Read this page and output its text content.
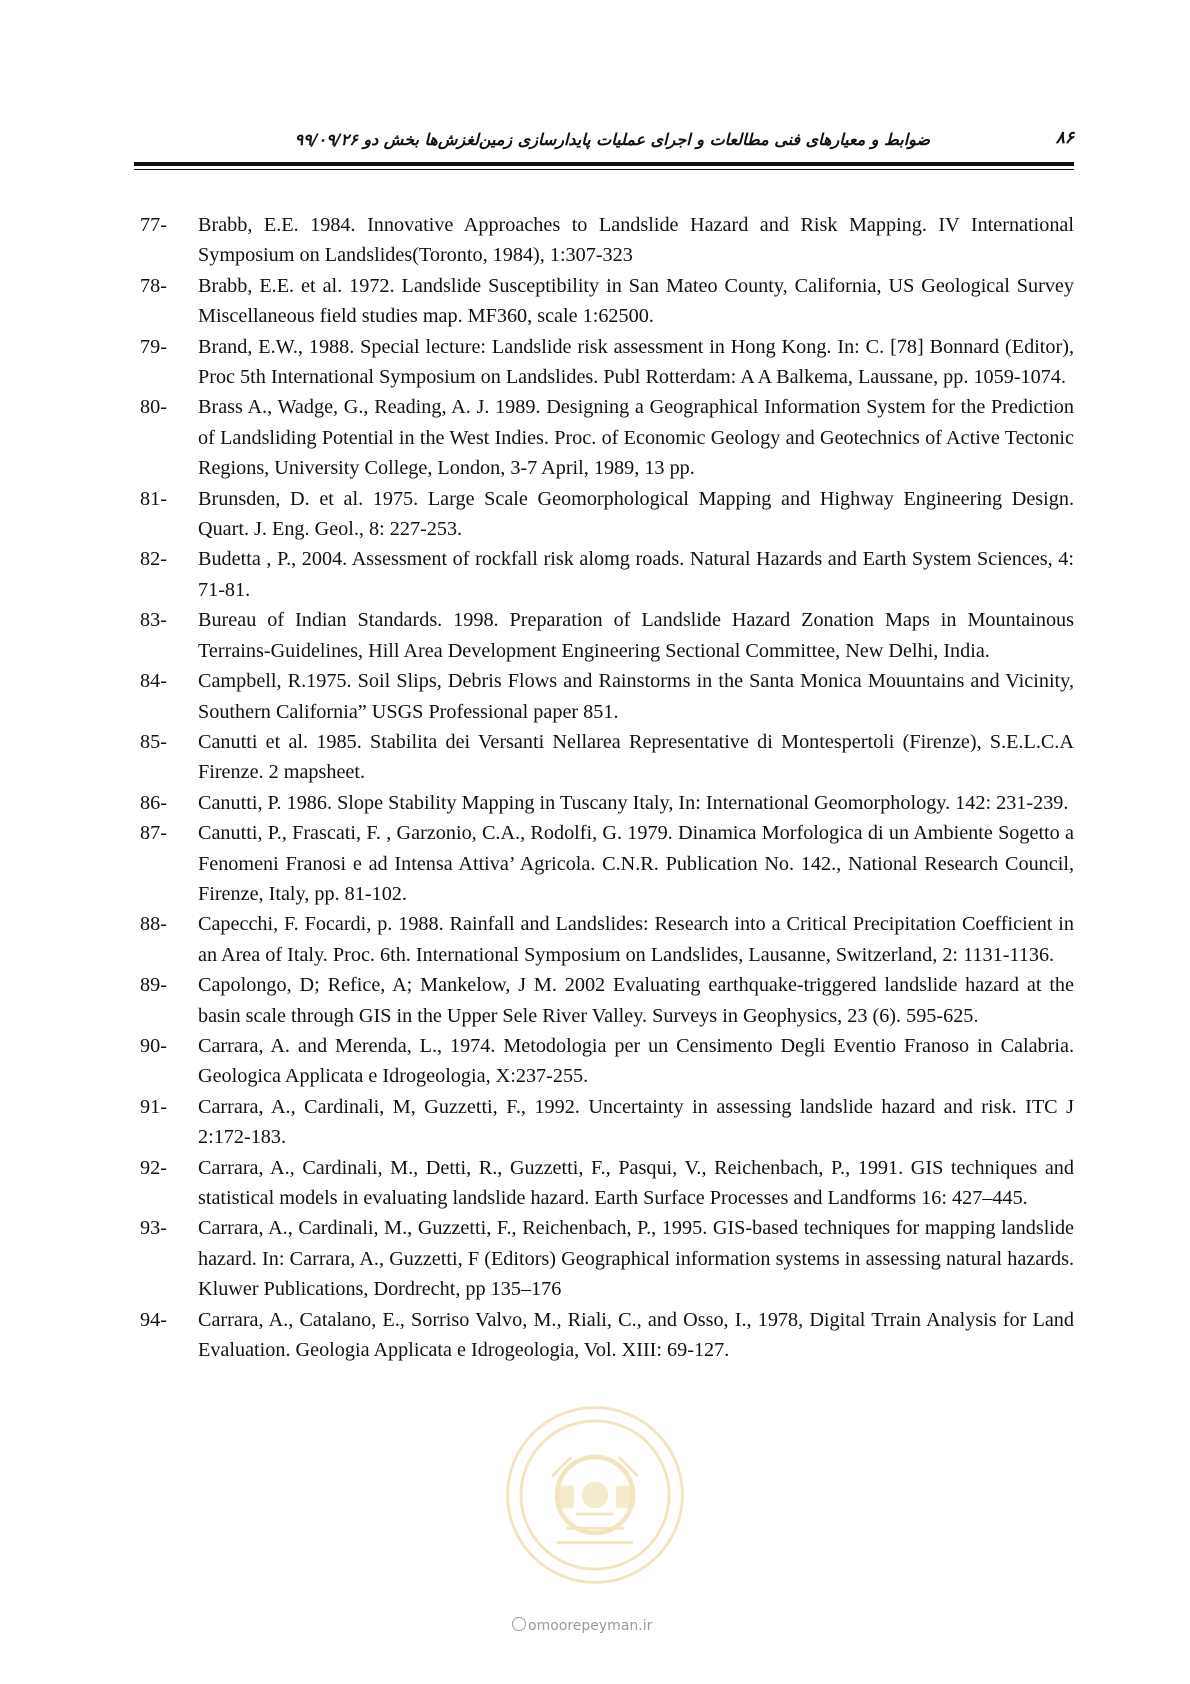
ضوابط و معیارهای فنی مطالعات و اجرای عملیات پایدارسازی زمین‌لغزش‌ها بخش دو ۹۹/۰۹/۲۶	۸۶
77- Brabb, E.E. 1984. Innovative Approaches to Landslide Hazard and Risk Mapping. IV International Symposium on Landslides(Toronto, 1984), 1:307-323
78- Brabb, E.E. et al. 1972. Landslide Susceptibility in San Mateo County, California, US Geological Survey Miscellaneous field studies map. MF360, scale 1:62500.
79- Brand, E.W., 1988. Special lecture: Landslide risk assessment in Hong Kong. In: C. [78] Bonnard (Editor), Proc 5th International Symposium on Landslides. Publ Rotterdam: A A Balkema, Laussane, pp. 1059-1074.
80- Brass A., Wadge, G., Reading, A. J. 1989. Designing a Geographical Information System for the Prediction of Landsliding Potential in the West Indies. Proc. of Economic Geology and Geotechnics of Active Tectonic Regions, University College, London, 3-7 April, 1989, 13 pp.
81- Brunsden, D. et al. 1975. Large Scale Geomorphological Mapping and Highway Engineering Design. Quart. J. Eng. Geol., 8: 227-253.
82- Budetta , P., 2004. Assessment of rockfall risk alomg roads. Natural Hazards and Earth System Sciences, 4: 71-81.
83- Bureau of Indian Standards. 1998. Preparation of Landslide Hazard Zonation Maps in Mountainous Terrains-Guidelines, Hill Area Development Engineering Sectional Committee, New Delhi, India.
84- Campbell, R.1975. Soil Slips, Debris Flows and Rainstorms in the Santa Monica Mouuntains and Vicinity, Southern California” USGS Professional paper 851.
85- Canutti et al. 1985. Stabilita dei Versanti Nellarea Representative di Montespertoli (Firenze), S.E.L.C.A Firenze. 2 mapsheet.
86- Canutti, P. 1986. Slope Stability Mapping in Tuscany Italy, In: International Geomorphology. 142: 231-239.
87- Canutti, P., Frascati, F. , Garzonio, C.A., Rodolfi, G. 1979. Dinamica Morfologica di un Ambiente Sogetto a Fenomeni Franosi e ad Intensa Attiva’ Agricola. C.N.R. Publication No. 142., National Research Council, Firenze, Italy, pp. 81-102.
88- Capecchi, F. Focardi, p. 1988. Rainfall and Landslides: Research into a Critical Precipitation Coefficient in an Area of Italy. Proc. 6th. International Symposium on Landslides, Lausanne, Switzerland, 2: 1131-1136.
89- Capolongo, D; Refice, A; Mankelow, J M. 2002 Evaluating earthquake-triggered landslide hazard at the basin scale through GIS in the Upper Sele River Valley. Surveys in Geophysics, 23 (6). 595-625.
90- Carrara, A. and Merenda, L., 1974. Metodologia per un Censimento Degli Eventio Franoso in Calabria. Geologica Applicata e Idrogeologia, X:237-255.
91- Carrara, A., Cardinali, M, Guzzetti, F., 1992. Uncertainty in assessing landslide hazard and risk. ITC J 2:172-183.
92- Carrara, A., Cardinali, M., Detti, R., Guzzetti, F., Pasqui, V., Reichenbach, P., 1991. GIS techniques and statistical models in evaluating landslide hazard. Earth Surface Processes and Landforms 16: 427–445.
93- Carrara, A., Cardinali, M., Guzzetti, F., Reichenbach, P., 1995. GIS-based techniques for mapping landslide hazard. In: Carrara, A., Guzzetti, F (Editors) Geographical information systems in assessing natural hazards. Kluwer Publications, Dordrecht, pp 135–176
94- Carrara, A., Catalano, E., Sorriso Valvo, M., Riali, C., and Osso, I., 1978, Digital Trrain Analysis for Land Evaluation. Geologia Applicata e Idrogeologia, Vol. XIII: 69-127.
omoorepeyman.ir
